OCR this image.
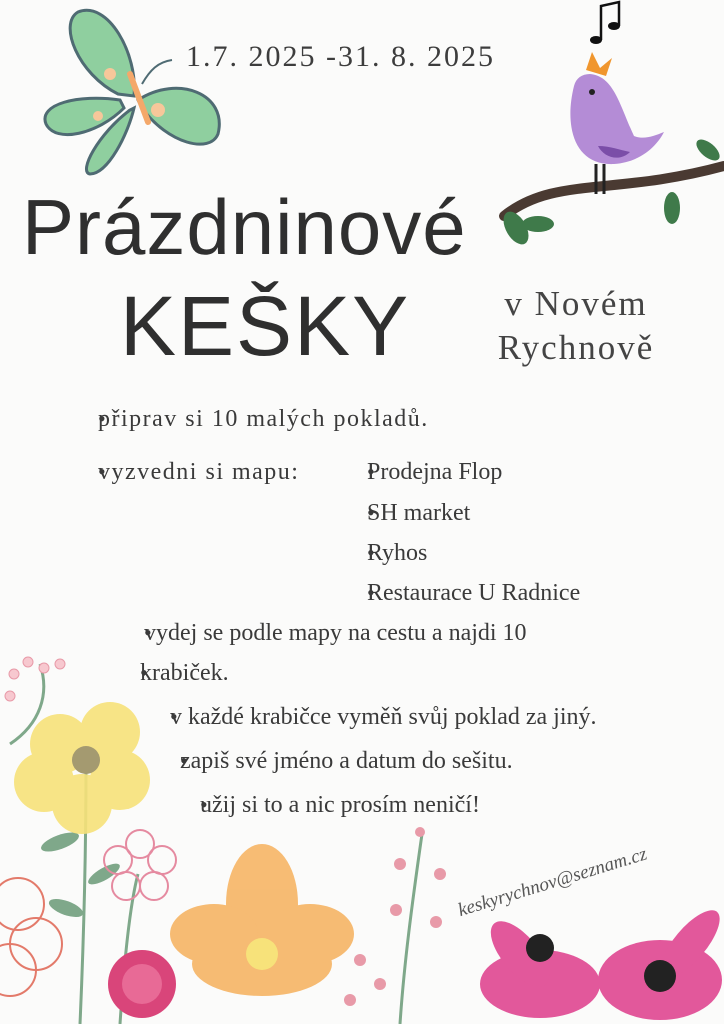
1.7. 2025 -31. 8. 2025
Prázdninové
KEŠKY	v Novém
Rychnově
• připrav si 10 malých pokladů.
• vyzvedni si mapu:
•	Prodejna Flop
• SH market
• Ryhos
• Restaurace U Radnice
• vydej se podle mapy na cestu a najdi 10
• krabiček.
• v každé krabičce vyměň svůj poklad za jiný.
• zapiš své jméno a datum do sešitu.
• užij si to a nic prosím neničí!
keskyrychnov@seznam.cz
